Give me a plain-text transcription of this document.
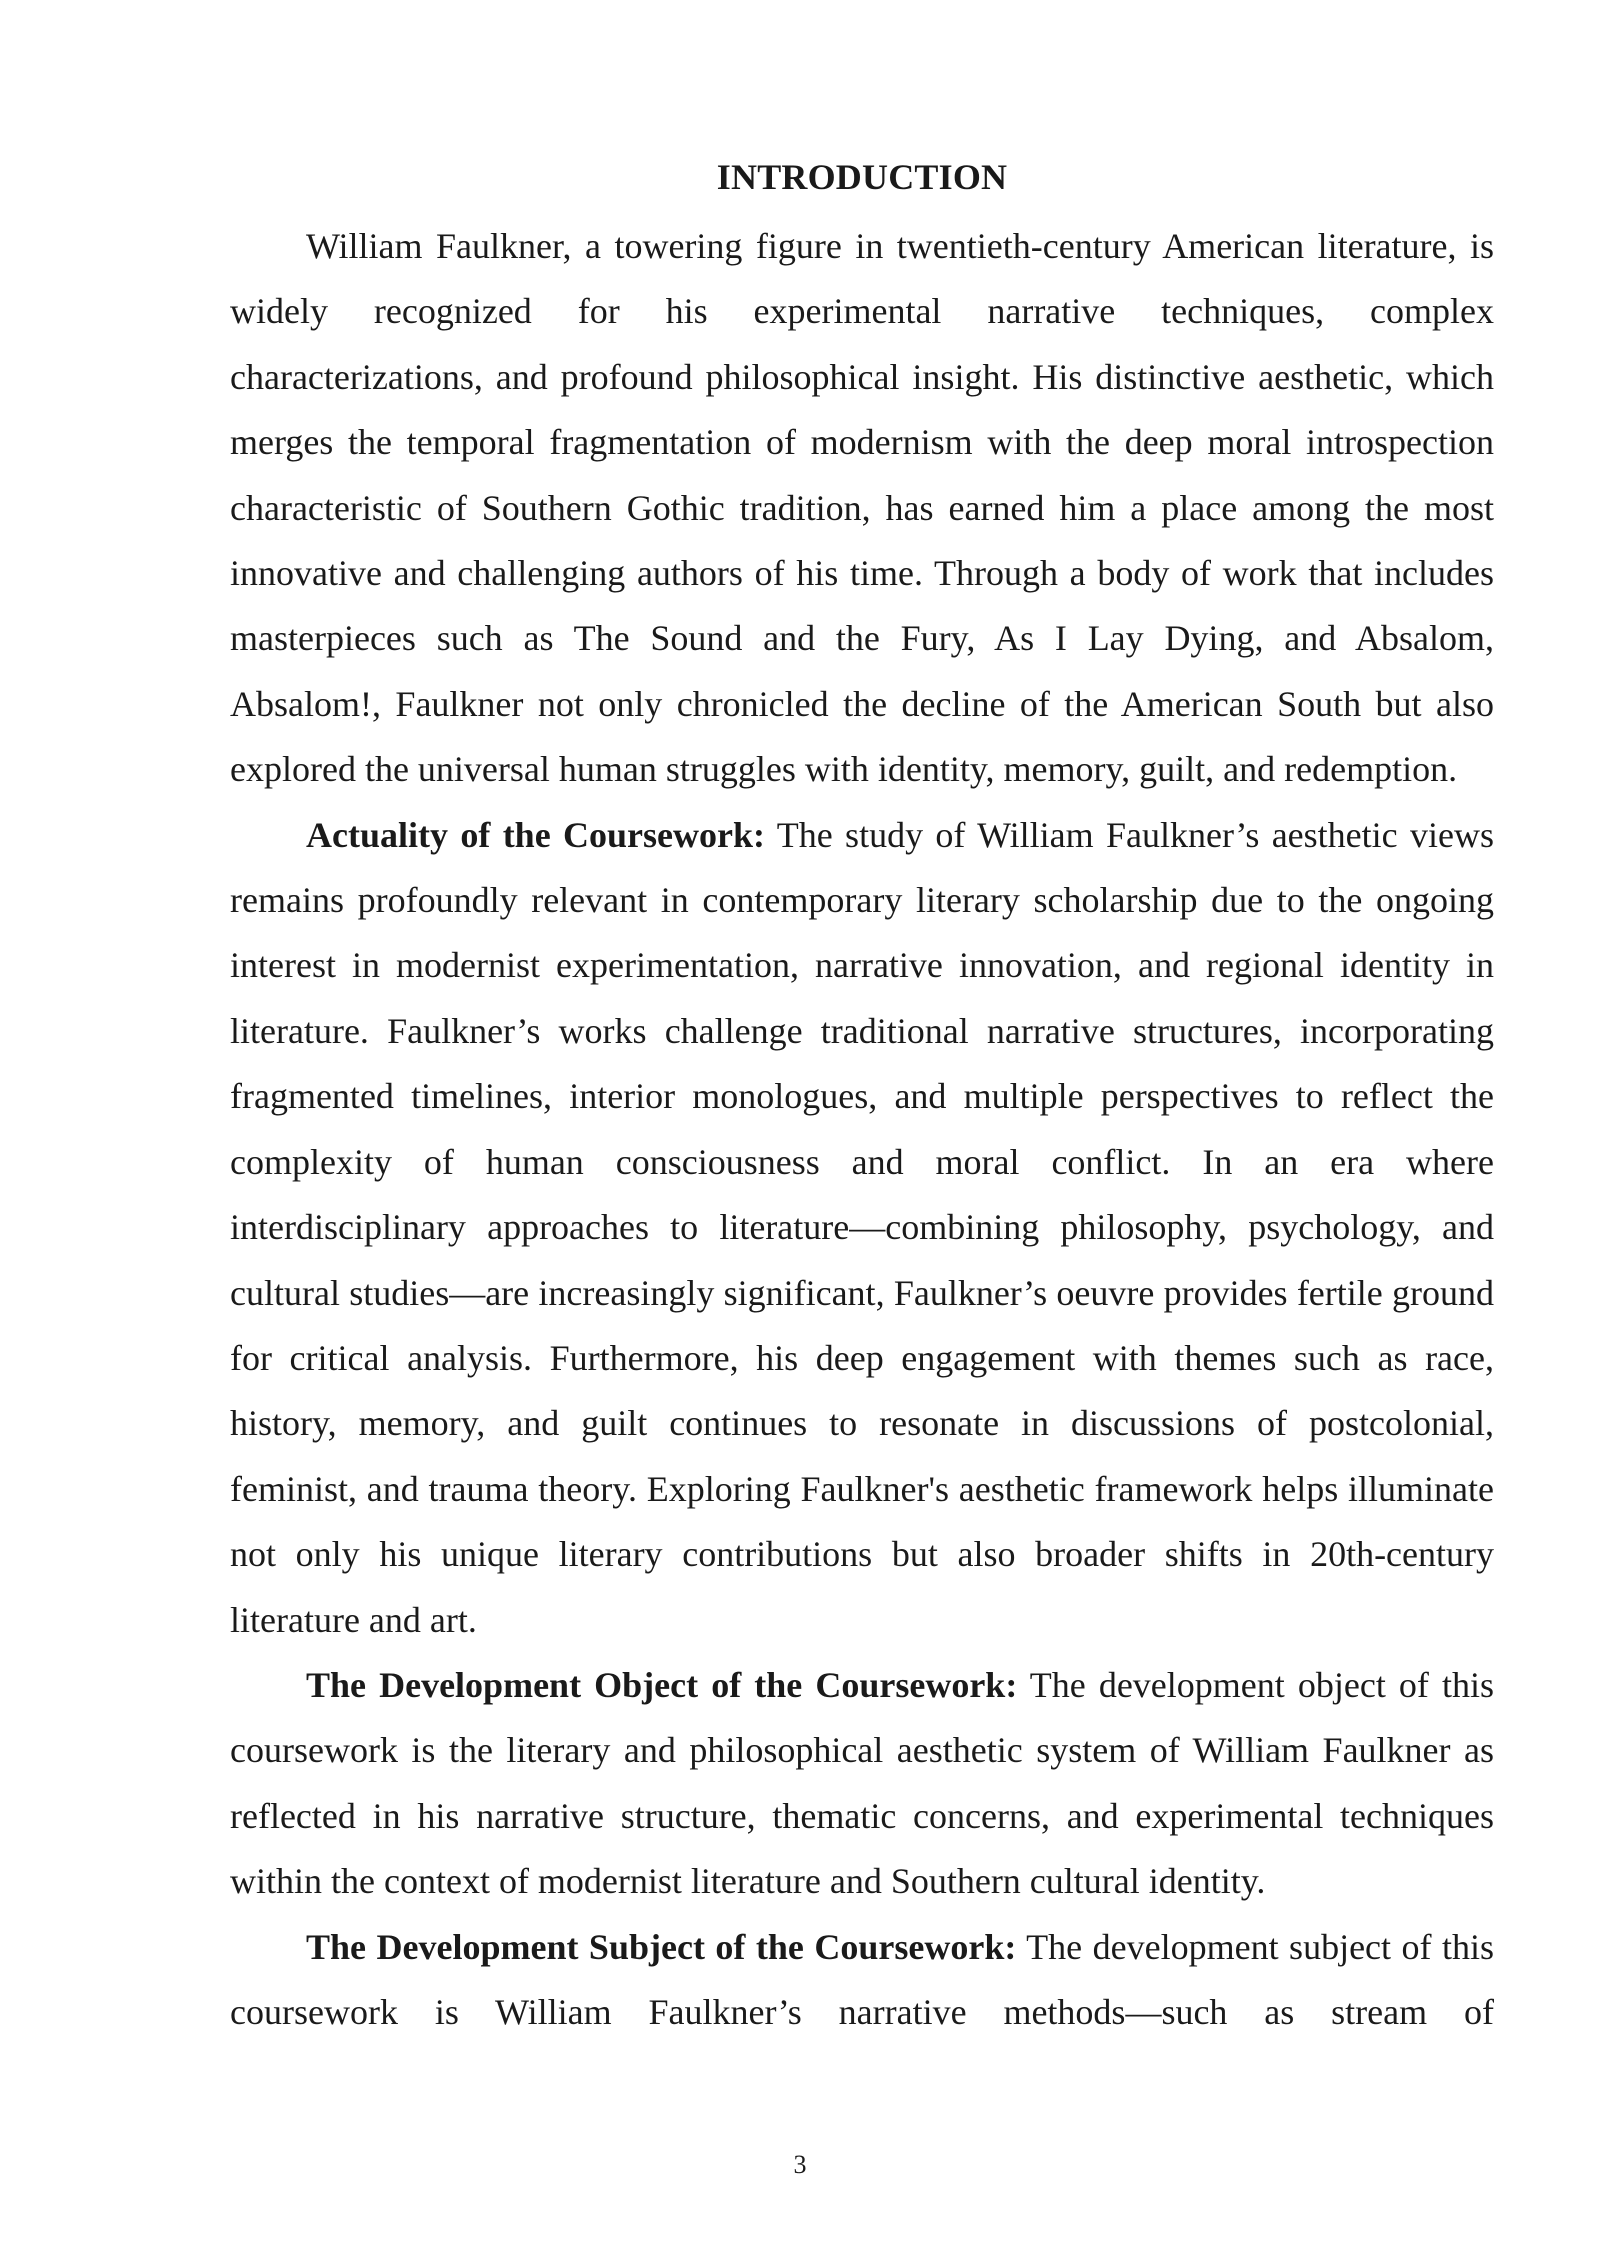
INTRODUCTION

William Faulkner, a towering figure in twentieth-century American literature, is widely recognized for his experimental narrative techniques, complex characterizations, and profound philosophical insight. His distinctive aesthetic, which merges the temporal fragmentation of modernism with the deep moral introspection characteristic of Southern Gothic tradition, has earned him a place among the most innovative and challenging authors of his time. Through a body of work that includes masterpieces such as The Sound and the Fury, As I Lay Dying, and Absalom, Absalom!, Faulkner not only chronicled the decline of the American South but also explored the universal human struggles with identity, memory, guilt, and redemption.

Actuality of the Coursework: The study of William Faulkner’s aesthetic views remains profoundly relevant in contemporary literary scholarship due to the ongoing interest in modernist experimentation, narrative innovation, and regional identity in literature. Faulkner’s works challenge traditional narrative structures, incorporating fragmented timelines, interior monologues, and multiple perspectives to reflect the complexity of human consciousness and moral conflict. In an era where interdisciplinary approaches to literature—combining philosophy, psychology, and cultural studies—are increasingly significant, Faulkner’s oeuvre provides fertile ground for critical analysis. Furthermore, his deep engagement with themes such as race, history, memory, and guilt continues to resonate in discussions of postcolonial, feminist, and trauma theory. Exploring Faulkner's aesthetic framework helps illuminate not only his unique literary contributions but also broader shifts in 20th-century literature and art.

The Development Object of the Coursework: The development object of this coursework is the literary and philosophical aesthetic system of William Faulkner as reflected in his narrative structure, thematic concerns, and experimental techniques within the context of modernist literature and Southern cultural identity.

The Development Subject of the Coursework: The development subject of this coursework is William Faulkner’s narrative methods—such as stream of

3
